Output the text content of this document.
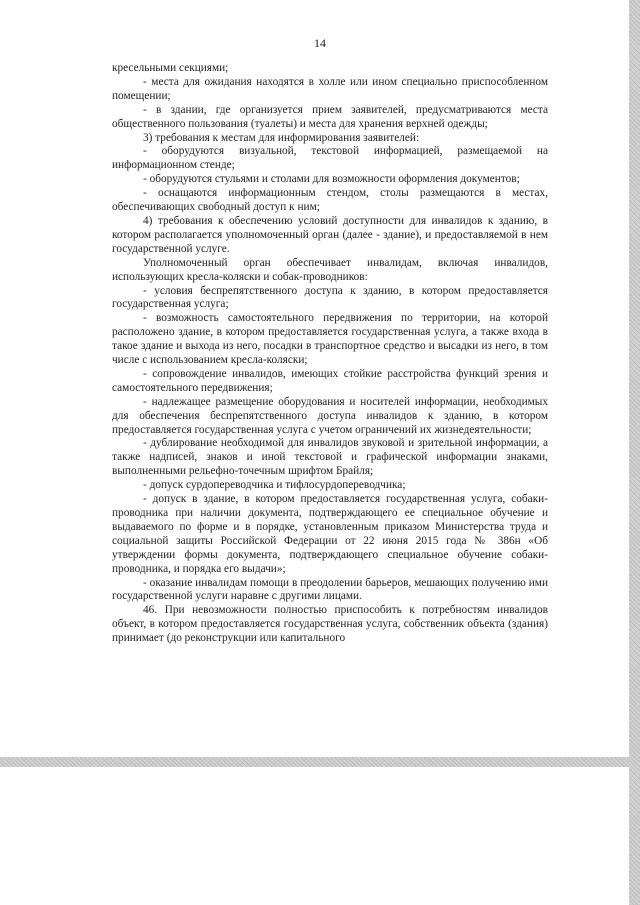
14

кресельными секциями;

- места для ожидания находятся в холле или ином специально приспособленном помещении;

- в здании, где организуется прием заявителей, предусматриваются места общественного пользования (туалеты) и места для хранения верхней одежды;

3) требования к местам для информирования заявителей:

- оборудуются визуальной, текстовой информацией, размещаемой на информационном стенде;

- оборудуются стульями и столами для возможности оформления документов;

- оснащаются информационным стендом, столы размещаются в местах, обеспечивающих свободный доступ к ним;

4) требования к обеспечению условий доступности для инвалидов к зданию, в котором располагается уполномоченный орган (далее - здание), и предоставляемой в нем государственной услуге.

Уполномоченный орган обеспечивает инвалидам, включая инвалидов, использующих кресла-коляски и собак-проводников:

- условия беспрепятственного доступа к зданию, в котором предоставляется государственная услуга;

- возможность самостоятельного передвижения по территории, на которой расположено здание, в котором предоставляется государственная услуга, а также входа в такое здание и выхода из него, посадки в транспортное средство и высадки из него, в том числе с использованием кресла-коляски;

- сопровождение инвалидов, имеющих стойкие расстройства функций зрения и самостоятельного передвижения;

- надлежащее размещение оборудования и носителей информации, необходимых для обеспечения беспрепятственного доступа инвалидов к зданию, в котором предоставляется государственная услуга с учетом ограничений их жизнедеятельности;

- дублирование необходимой для инвалидов звуковой и зрительной информации, а также надписей, знаков и иной текстовой и графической информации знаками, выполненными рельефно-точечным шрифтом Брайля;

- допуск сурдопереводчика и тифлосурдопереводчика;

- допуск в здание, в котором предоставляется государственная услуга, собаки-проводника при наличии документа, подтверждающего ее специальное обучение и выдаваемого по форме и в порядке, установленным приказом Министерства труда и социальной защиты Российской Федерации от 22 июня 2015 года № 386н «Об утверждении формы документа, подтверждающего специальное обучение собаки-проводника, и порядка его выдачи»;

- оказание инвалидам помощи в преодолении барьеров, мешающих получению ими государственной услуги наравне с другими лицами.

46. При невозможности полностью приспособить к потребностям инвалидов объект, в котором предоставляется государственная услуга, собственник объекта (здания) принимает (до реконструкции или капитального
